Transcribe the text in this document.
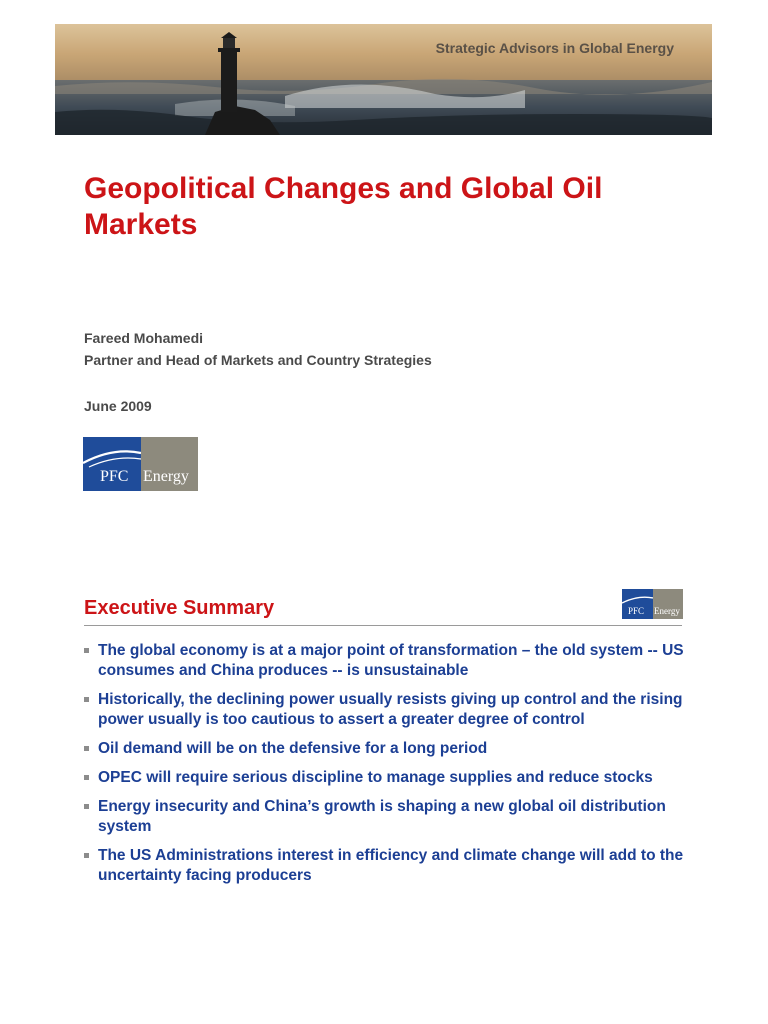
Strategic Advisors in Global Energy
Geopolitical Changes and Global Oil Markets

Fareed Mohamedi

Partner and Head of Markets and Country Strategies

June 2009

PFC Energy
Executive Summary	PFC Energy
The global economy is at a major point of transformation – the old system -- US consumes and China produces -- is unsustainable
Historically, the declining power usually resists giving up control and the rising power usually is too cautious to assert a greater degree of control
Oil demand will be on the defensive for a long period
OPEC will require serious discipline to manage supplies and reduce stocks
Energy insecurity and China’s growth is shaping a new global oil distribution system
The US Administrations interest in efficiency and climate change will add to the uncertainty facing producers
